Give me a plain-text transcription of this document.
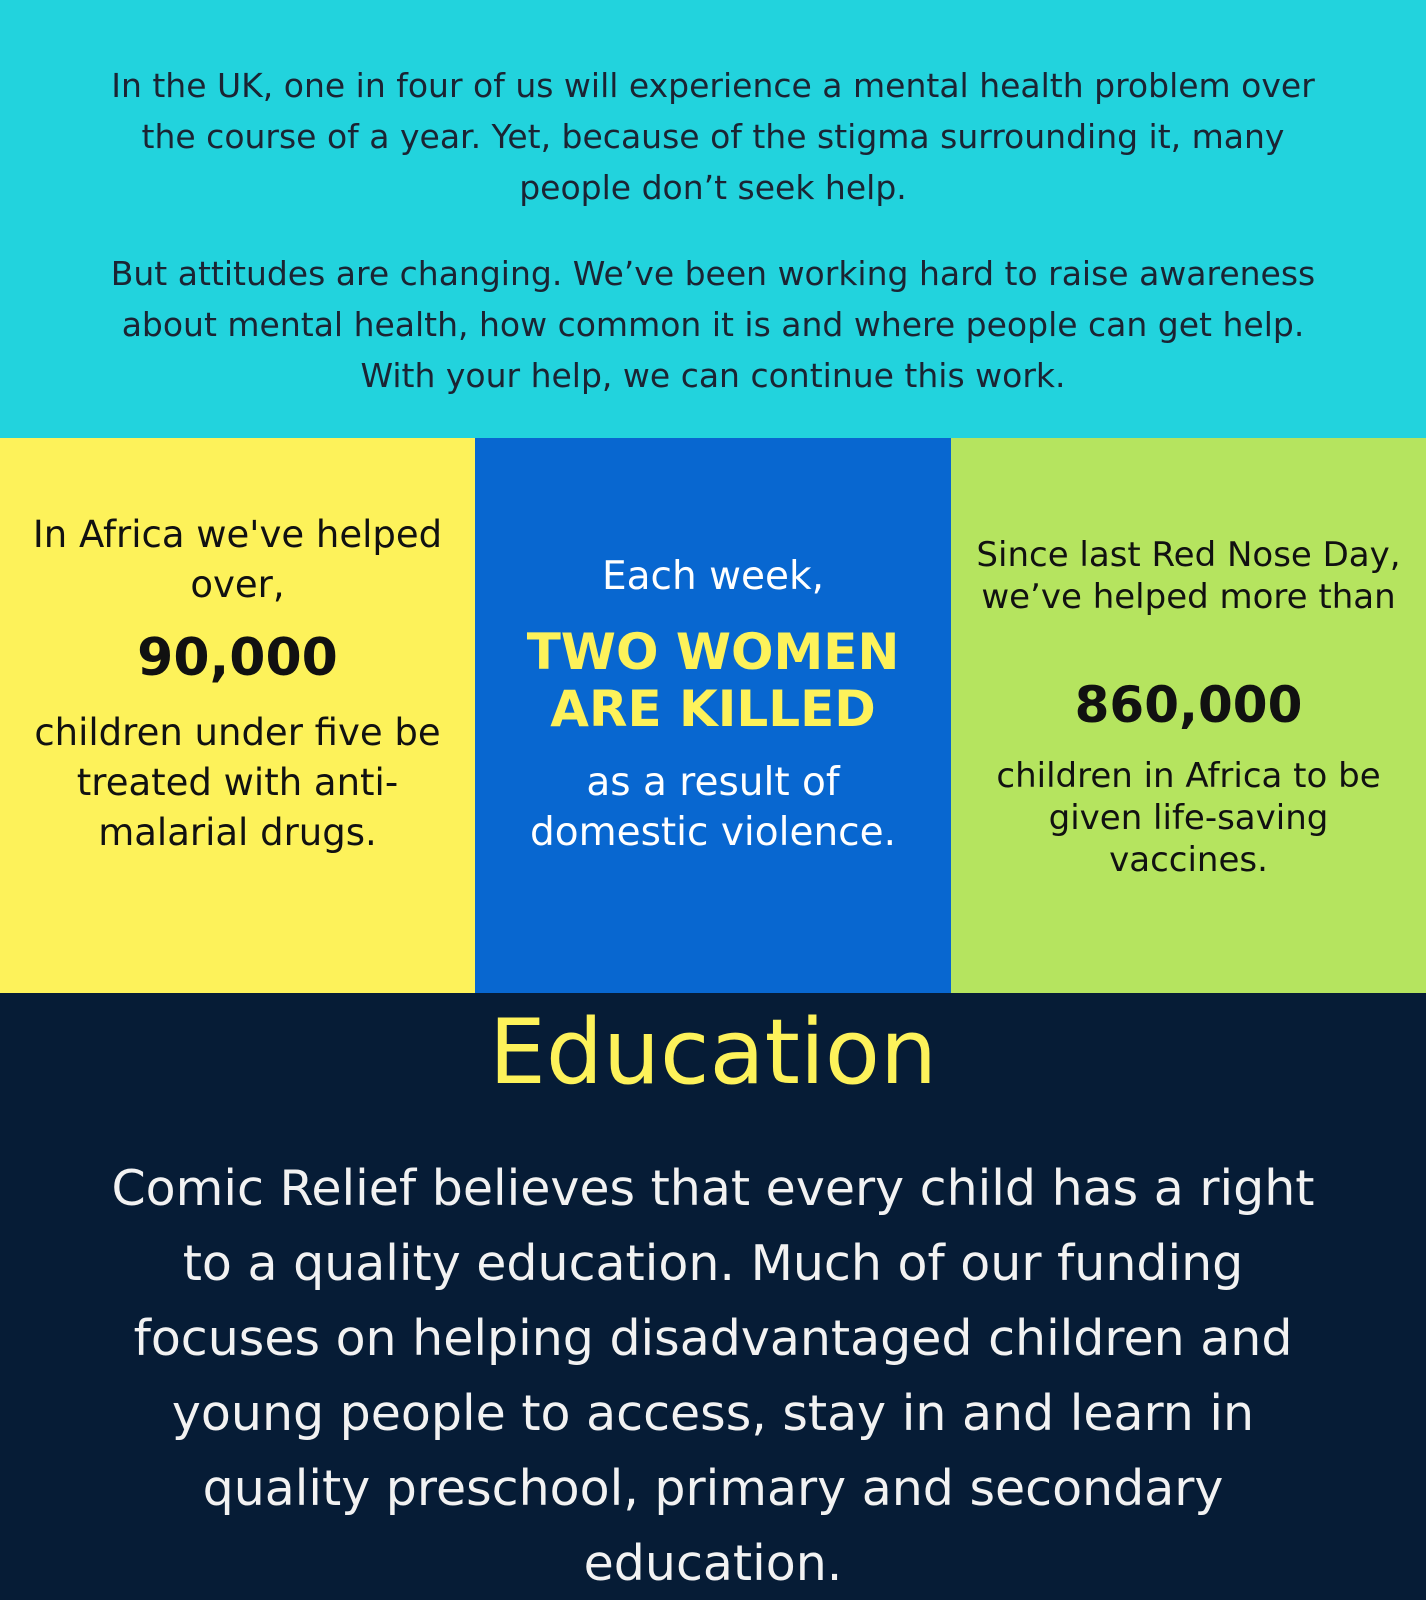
In the UK, one in four of us will experience a mental health problem over the course of a year. Yet, because of the stigma surrounding it, many people don’t seek help.

But attitudes are changing. We’ve been working hard to raise awareness about mental health, how common it is and where people can get help. With your help, we can continue this work.

In Africa we've helped over,

90,000

children under five be treated with anti-malarial drugs.

Each week,

TWO WOMEN ARE KILLED

as a result of domestic violence.

Since last Red Nose Day, we’ve helped more than

860,000

children in Africa to be given life-saving vaccines.

Education

Comic Relief believes that every child has a right to a quality education. Much of our funding focuses on helping disadvantaged children and young people to access, stay in and learn in quality preschool, primary and secondary education.
